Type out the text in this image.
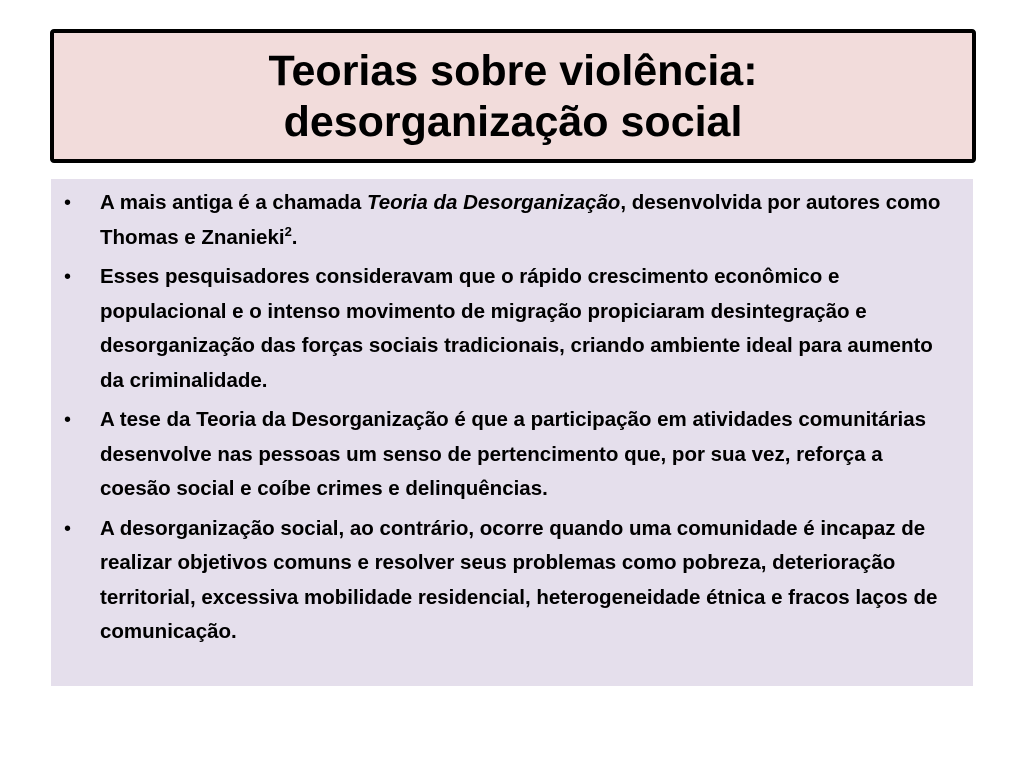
Teorias sobre violência:
desorganização social
• A mais antiga é a chamada Teoria da Desorganização, desenvolvida por autores como Thomas e Znanieki$^2$.
• Esses pesquisadores consideravam que o rápido crescimento econômico e populacional e o intenso movimento de migração propiciaram desintegração e desorganização das forças sociais tradicionais, criando ambiente ideal para aumento da criminalidade.
• A tese da Teoria da Desorganização é que a participação em atividades comunitárias desenvolve nas pessoas um senso de pertencimento que, por sua vez, reforça a coesão social e coíbe crimes e delinquências.
• A desorganização social, ao contrário, ocorre quando uma comunidade é incapaz de realizar objetivos comuns e resolver seus problemas como pobreza, deterioração territorial, excessiva mobilidade residencial, heterogeneidade étnica e fracos laços de comunicação.
